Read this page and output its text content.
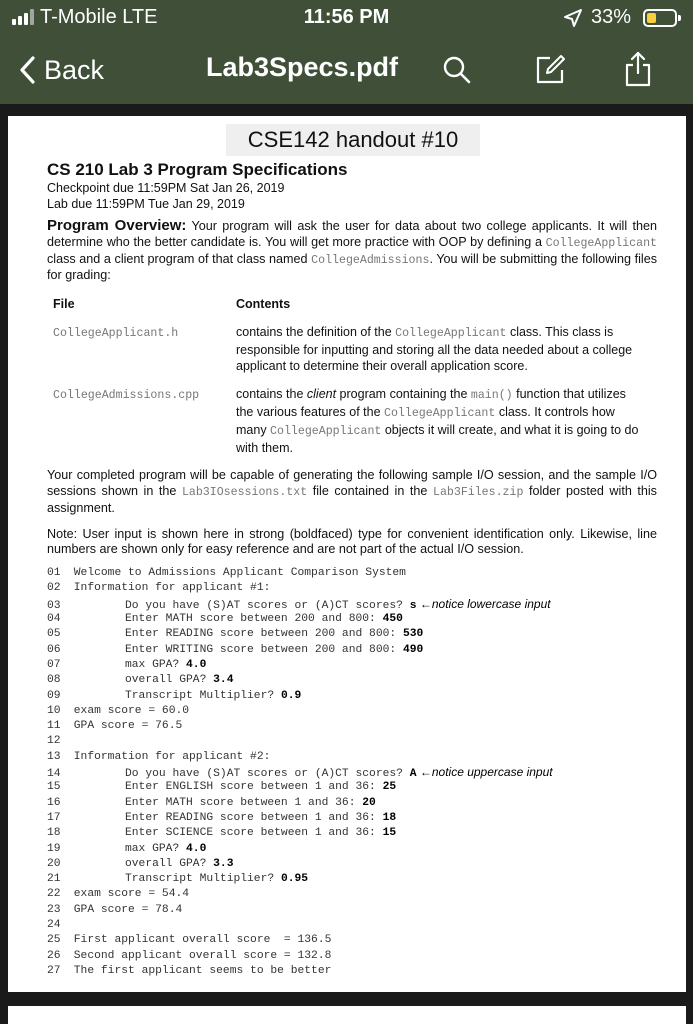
T-Mobile LTE	11:56 PM	33%
Back	Lab3Specs.pdf
CSE142 handout #10
CS 210 Lab 3 Program Specifications
Checkpoint due 11:59PM Sat Jan 26, 2019
Lab due 11:59PM Tue Jan 29, 2019
Program Overview: Your program will ask the user for data about two college applicants. It will then determine who the better candidate is. You will get more practice with OOP by defining a CollegeApplicant class and a client program of that class named CollegeAdmissions. You will be submitting the following files for grading:
File	Contents
CollegeApplicant.h	contains the definition of the CollegeApplicant class. This class is responsible for inputting and storing all the data needed about a college applicant to determine their overall application score.
CollegeAdmissions.cpp	contains the client program containing the main() function that utilizes the various features of the CollegeApplicant class. It controls how many CollegeApplicant objects it will create, and what it is going to do with them.
Your completed program will be capable of generating the following sample I/O session, and the sample I/O sessions shown in the Lab3IOsessions.txt file contained in the Lab3Files.zip folder posted with this assignment.
Note: User input is shown here in strong (boldfaced) type for convenient identification only. Likewise, line numbers are shown only for easy reference and are not part of the actual I/O session.
01 Welcome to Admissions Applicant Comparison System
02 Information for applicant #1:
03	Do you have (S)AT scores or (A)CT scores? s ←notice lowercase input
04	Enter MATH score between 200 and 800: 450
05	Enter READING score between 200 and 800: 530
06	Enter WRITING score between 200 and 800: 490
07	max GPA? 4.0
08	overall GPA? 3.4
09	Transcript Multiplier? 0.9
10 exam score = 60.0
11 GPA score = 76.5
12
13 Information for applicant #2:
14	Do you have (S)AT scores or (A)CT scores? A ←notice uppercase input
15	Enter ENGLISH score between 1 and 36: 25
16	Enter MATH score between 1 and 36: 20
17	Enter READING score between 1 and 36: 18
18	Enter SCIENCE score between 1 and 36: 15
19	max GPA? 4.0
20	overall GPA? 3.3
21	Transcript Multiplier? 0.95
22 exam score = 54.4
23 GPA score = 78.4
24
25 First applicant overall score  = 136.5
26 Second applicant overall score = 132.8
27 The first applicant seems to be better
